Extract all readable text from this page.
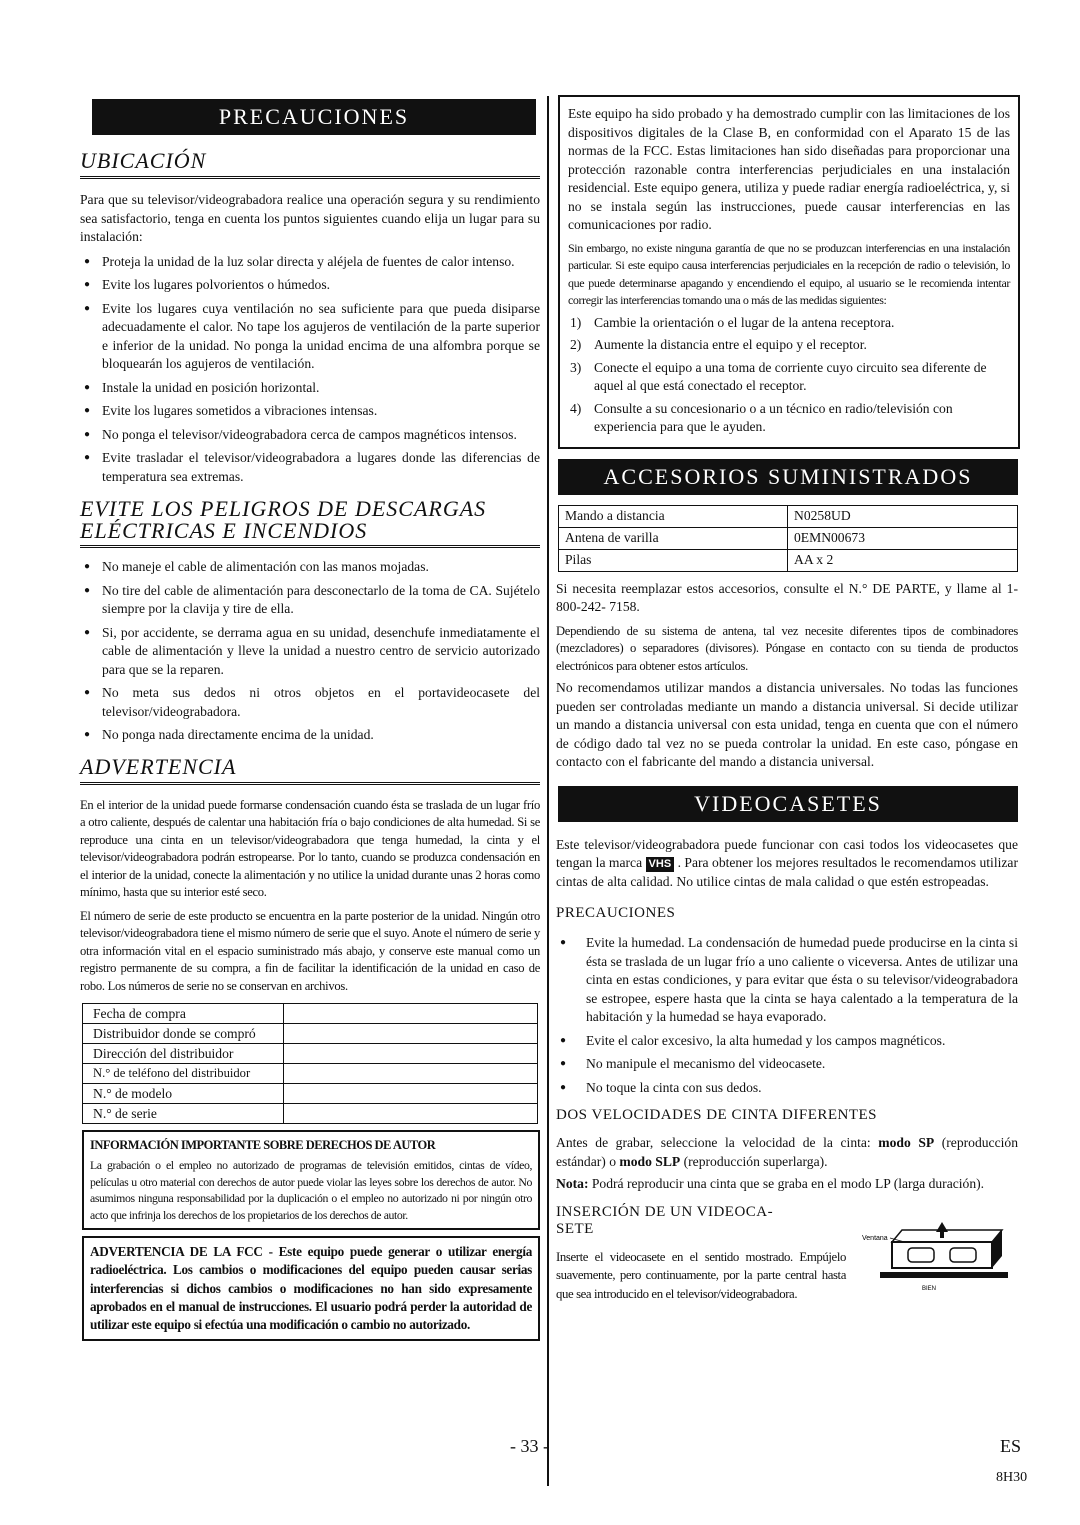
PRECAUCIONES
UBICACIÓN

Para que su televisor/videograbadora realice una operación segura y su rendimiento sea satisfactorio, tenga en cuenta los puntos siguientes cuando elija un lugar para su instalación:

● Proteja la unidad de la luz solar directa y aléjela de fuentes de calor intenso.
● Evite los lugares polvorientos o húmedos.
● Evite los lugares cuya ventilación no sea suficiente para que pueda disiparse adecuadamente el calor. No tape los agujeros de ventilación de la parte superior e inferior de la unidad. No ponga la unidad encima de una alfombra porque se bloquearán los agujeros de ventilación.
● Instale la unidad en posición horizontal.
● Evite los lugares sometidos a vibraciones intensas.
● No ponga el televisor/videograbadora cerca de campos magnéticos intensos.
● Evite trasladar el televisor/videograbadora a lugares donde las diferencias de temperatura sea extremas.
EVITE LOS PELIGROS DE DESCARGAS
ELÉCTRICAS E INCENDIOS
● No maneje el cable de alimentación con las manos mojadas.
● No tire del cable de alimentación para desconectarlo de la toma de CA. Sujételo siempre por la clavija y tire de ella.
● Si, por accidente, se derrama agua en su unidad, desenchufe inmediatamente el cable de alimentación y lleve la unidad a nuestro centro de servicio autorizado para que se la reparen.
● No meta sus dedos ni otros objetos en el portavideocasete del televisor/videograbadora.
● No ponga nada directamente encima de la unidad.
ADVERTENCIA

En el interior de la unidad puede formarse condensación cuando ésta se traslada de un lugar frío a otro caliente, después de calentar una habitación fría o bajo condiciones de alta humedad. Si se reproduce una cinta en un televisor/videograbadora que tenga humedad, la cinta y el televisor/videograbadora podrán estropearse. Por lo tanto, cuando se produzca condensación en el interior de la unidad, conecte la alimentación y no utilice la unidad durante unas 2 horas como mínimo, hasta que su interior esté seco.

El número de serie de este producto se encuentra en la parte posterior de la unidad. Ningún otro televisor/videograbadora tiene el mismo número de serie que el suyo. Anote el número de serie y otra información vital en el espacio suministrado más abajo, y conserve este manual como un registro permanente de su compra, a fin de facilitar la identificación de la unidad en caso de robo. Los números de serie no se conservan en archivos.

Fecha de compra	
Distribuidor donde se compró	
Dirección del distribuidor	
N.° de teléfono del distribuidor	
N.° de modelo	
N.° de serie	
INFORMACIÓN IMPORTANTE SOBRE DERECHOS DE AUTOR

La grabación o el empleo no autorizado de programas de televisión emitidos, cintas de vídeo, películas u otro material con derechos de autor puede violar las leyes sobre los derechos de autor. No asumimos ninguna responsabilidad por la duplicación o el empleo no autorizado ni por ningún otro acto que infrinja los derechos de los propietarios de los derechos de autor.

ADVERTENCIA DE LA FCC - Este equipo puede generar o utilizar energía radioeléctrica. Los cambios o modificaciones del equipo pueden causar serias interferencias si dichos cambios o modificaciones no han sido expresamente aprobados en el manual de instrucciones. El usuario podrá perder la autoridad de utilizar este equipo si efectúa una modificación o cambio no autorizado.

Este equipo ha sido probado y ha demostrado cumplir con las limitaciones de los dispositivos digitales de la Clase B, en conformidad con el Aparato 15 de las normas de la FCC. Estas limitaciones han sido diseñadas para proporcionar una protección razonable contra interferencias perjudiciales en una instalación residencial. Este equipo genera, utiliza y puede radiar energía radioeléctrica, y, si no se instala según las instrucciones, puede causar interferencias en las comunicaciones por radio.

Sin embargo, no existe ninguna garantía de que no se produzcan interferencias en una instalación particular. Si este equipo causa interferencias perjudiciales en la recepción de radio o televisión, lo que puede determinarse apagando y encendiendo el equipo, al usuario se le recomienda intentar corregir las interferencias tomando una o más de las medidas siguientes:

1) Cambie la orientación o el lugar de la antena receptora.
2) Aumente la distancia entre el equipo y el receptor.
3) Conecte el equipo a una toma de corriente cuyo circuito sea diferente de aquel al que está conectado el receptor.
4) Consulte a su concesionario o a un técnico en radio/televisión con experiencia para que le ayuden.
ACCESORIOS SUMINISTRADOS
Mando a distancia	N0258UD
Antena de varilla	0EMN00673
Pilas	AA x 2

Si necesita reemplazar estos accesorios, consulte el N.° DE PARTE, y llame al 1-800-242- 7158.

Dependiendo de su sistema de antena, tal vez necesite diferentes tipos de combinadores (mezcladores) o separadores (divisores). Póngase en contacto con su tienda de productos electrónicos para obtener estos artículos.

No recomendamos utilizar mandos a distancia universales. No todas las funciones pueden ser controladas mediante un mando a distancia universal. Si decide utilizar un mando a distancia universal con esta unidad, tenga en cuenta que con el número de código dado tal vez no se pueda controlar la unidad. En este caso, póngase en contacto con el fabricante del mando a distancia universal.

VIDEOCASETES

Este televisor/videograbadora puede funcionar con casi todos los videocasetes que tengan la marca VHS . Para obtener los mejores resultados le recomendamos utilizar cintas de alta calidad. No utilice cintas de mala calidad o que estén estropeadas.

PRECAUCIONES
● Evite la humedad. La condensación de humedad puede producirse en la cinta si ésta se traslada de un lugar frío a uno caliente o viceversa. Antes de utilizar una cinta en estas condiciones, y para evitar que ésta o su televisor/videograbadora se estropee, espere hasta que la cinta se haya calentado a la temperatura de la habitación y la humedad se haya evaporado.
● Evite el calor excesivo, la alta humedad y los campos magnéticos.
● No manipule el mecanismo del videocasete.
● No toque la cinta con sus dedos.
DOS VELOCIDADES DE CINTA DIFERENTES

Antes de grabar, seleccione la velocidad de la cinta: modo SP (reproducción estándar) o modo SLP (reproducción superlarga).

Nota: Podrá reproducir una cinta que se graba en el modo LP (larga duración).

INSERCIÓN DE UN VIDEOCA-
SETE

Inserte el videocasete en el sentido mostrado. Empújelo suavemente, pero continuamente, por la parte central hasta que sea introducido en el televisor/videograbadora.

Ventana
BIEN
- 33 -	ES
8H30
